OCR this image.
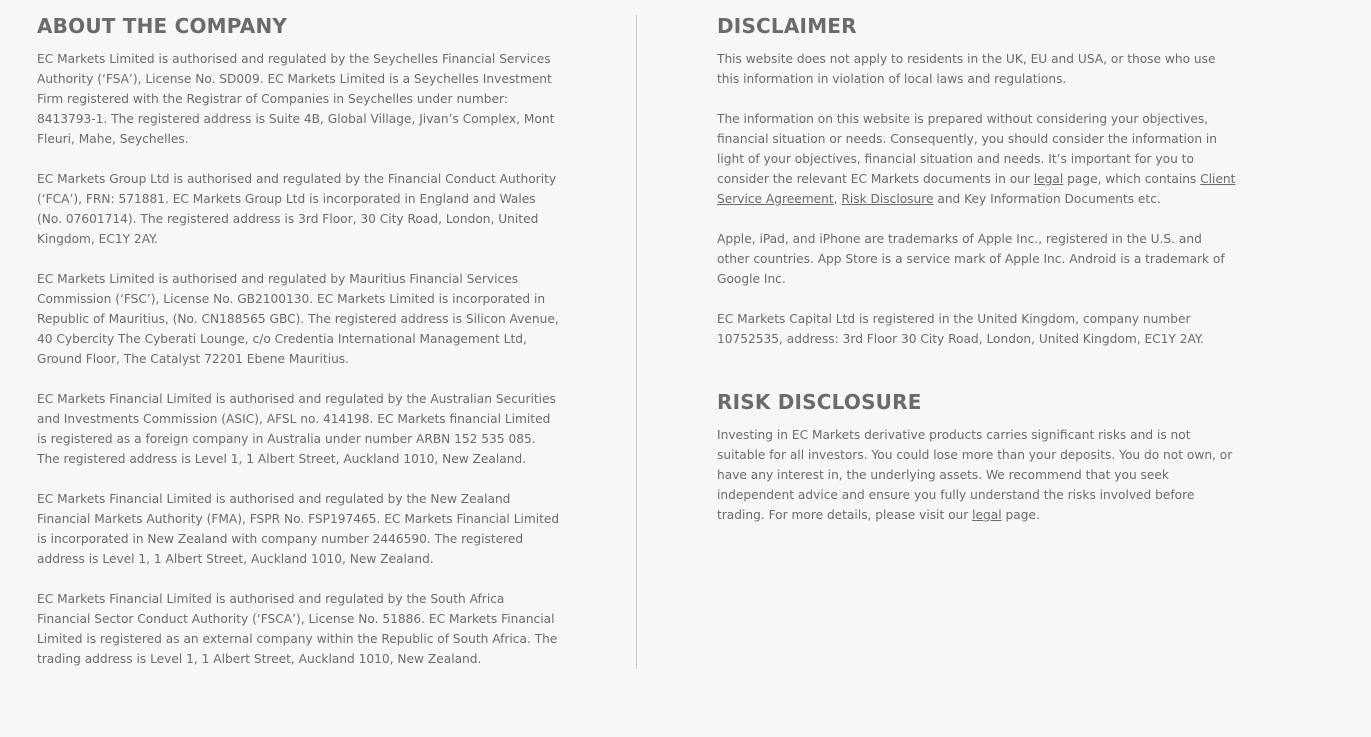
ABOUT THE COMPANY

EC Markets Limited is authorised and regulated by the Seychelles Financial Services Authority (‘FSA’), License No. SD009. EC Markets Limited is a Seychelles Investment Firm registered with the Registrar of Companies in Seychelles under number: 8413793-1. The registered address is Suite 4B, Global Village, Jivan’s Complex, Mont Fleuri, Mahe, Seychelles.

EC Markets Group Ltd is authorised and regulated by the Financial Conduct Authority (‘FCA’), FRN: 571881. EC Markets Group Ltd is incorporated in England and Wales (No. 07601714). The registered address is 3rd Floor, 30 City Road, London, United Kingdom, EC1Y 2AY.

EC Markets Limited is authorised and regulated by Mauritius Financial Services Commission (‘FSC’), License No. GB2100130. EC Markets Limited is incorporated in Republic of Mauritius, (No. CN188565 GBC). The registered address is Silicon Avenue, 40 Cybercity The Cyberati Lounge, c/o Credentia International Management Ltd, Ground Floor, The Catalyst 72201 Ebene Mauritius.

EC Markets Financial Limited is authorised and regulated by the Australian Securities and Investments Commission (ASIC), AFSL no. 414198. EC Markets financial Limited is registered as a foreign company in Australia under number ARBN 152 535 085. The registered address is Level 1, 1 Albert Street, Auckland 1010, New Zealand.

EC Markets Financial Limited is authorised and regulated by the New Zealand Financial Markets Authority (FMA), FSPR No. FSP197465. EC Markets Financial Limited is incorporated in New Zealand with company number 2446590. The registered address is Level 1, 1 Albert Street, Auckland 1010, New Zealand.

EC Markets Financial Limited is authorised and regulated by the South Africa Financial Sector Conduct Authority (‘FSCA’), License No. 51886. EC Markets Financial Limited is registered as an external company within the Republic of South Africa. The trading address is Level 1, 1 Albert Street, Auckland 1010, New Zealand.

DISCLAIMER

This website does not apply to residents in the UK, EU and USA, or those who use this information in violation of local laws and regulations.

The information on this website is prepared without considering your objectives, financial situation or needs. Consequently, you should consider the information in light of your objectives, financial situation and needs. It’s important for you to consider the relevant EC Markets documents in our legal page, which contains Client Service Agreement, Risk Disclosure and Key Information Documents etc.

Apple, iPad, and iPhone are trademarks of Apple Inc., registered in the U.S. and other countries. App Store is a service mark of Apple Inc. Android is a trademark of Google Inc.

EC Markets Capital Ltd is registered in the United Kingdom, company number 10752535, address: 3rd Floor 30 City Road, London, United Kingdom, EC1Y 2AY.

RISK DISCLOSURE

Investing in EC Markets derivative products carries significant risks and is not suitable for all investors. You could lose more than your deposits. You do not own, or have any interest in, the underlying assets. We recommend that you seek independent advice and ensure you fully understand the risks involved before trading. For more details, please visit our legal page.
